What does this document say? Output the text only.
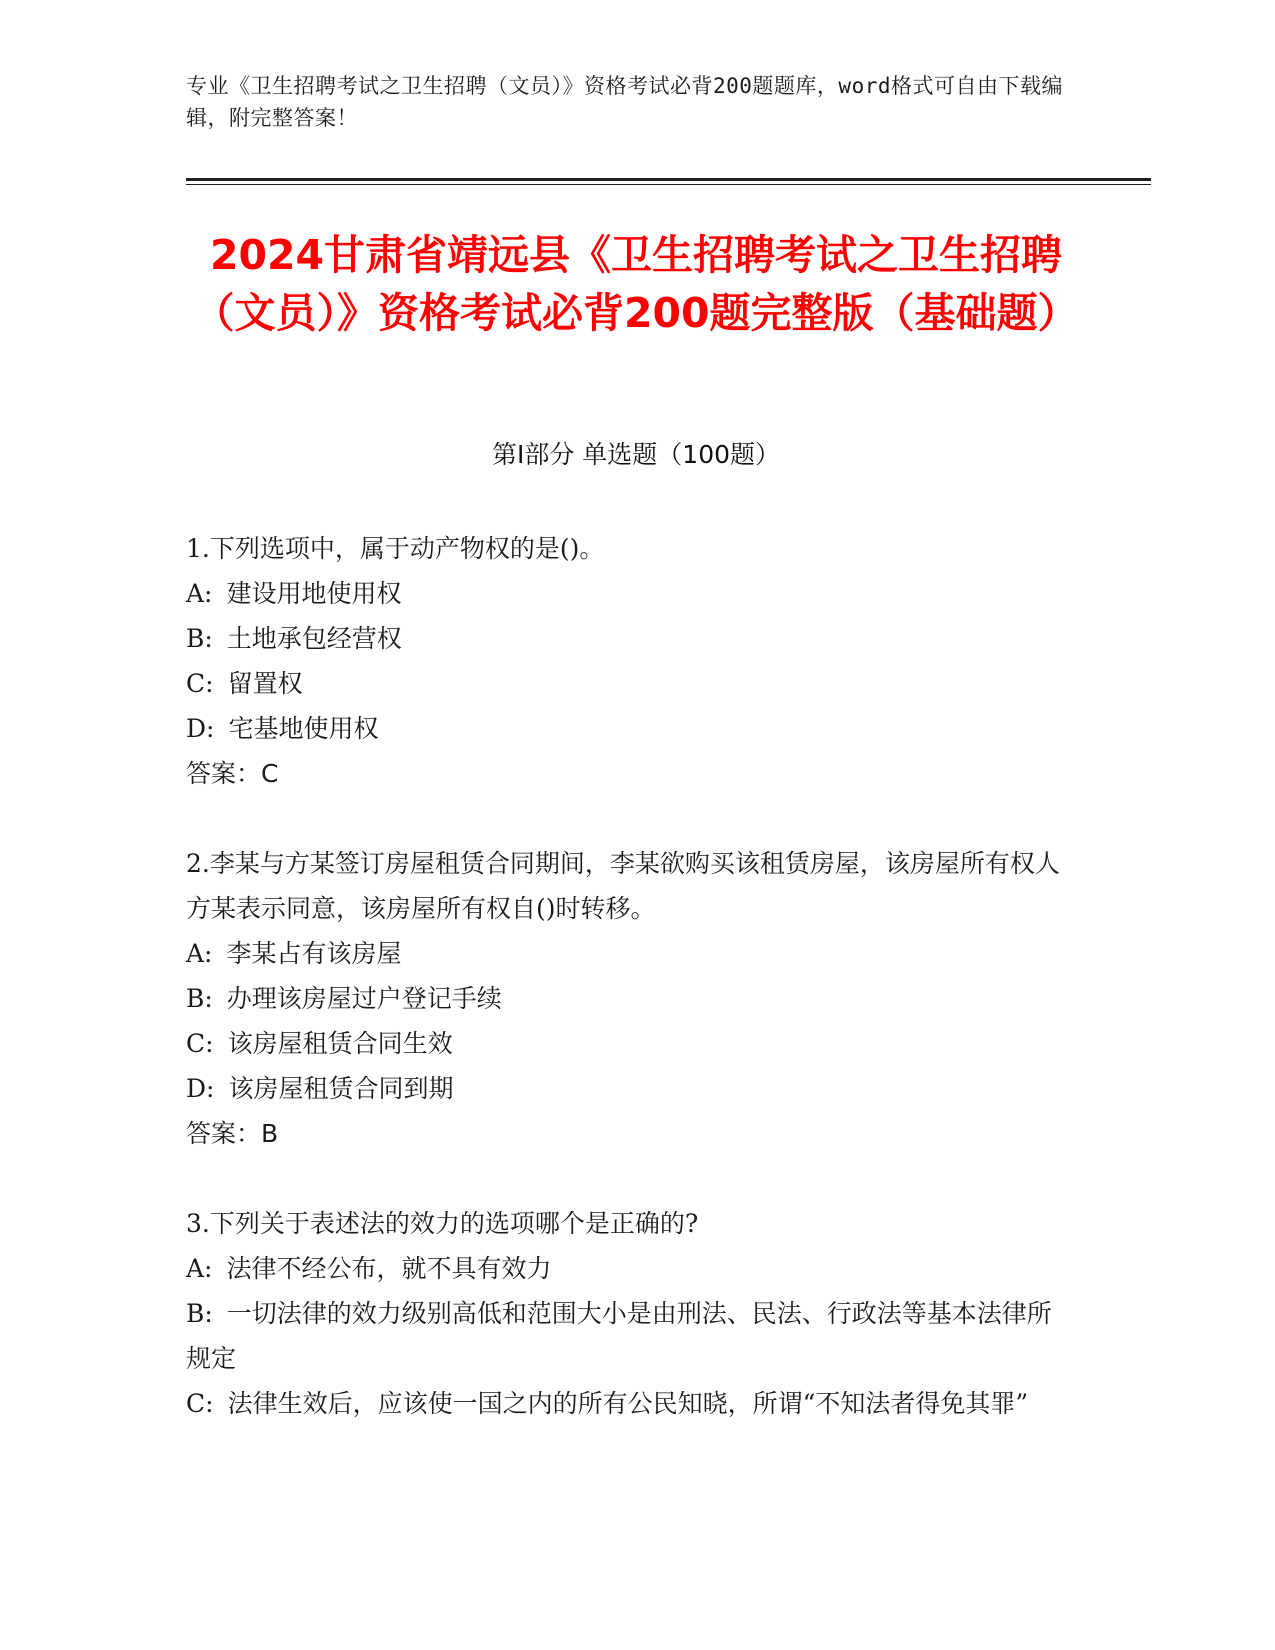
专业《卫生招聘考试之卫生招聘（文员）》资格考试必背200题题库，word格式可自由下载编辑，附完整答案！
2024甘肃省靖远县《卫生招聘考试之卫生招聘（文员）》资格考试必背200题完整版（基础题）
第I部分 单选题（100题）

1.下列选项中，属于动产物权的是()。

A: 建设用地使用权

B: 土地承包经营权

C: 留置权

D: 宅基地使用权

答案：C

2.李某与方某签订房屋租赁合同期间，李某欲购买该租赁房屋，该房屋所有权人方某表示同意，该房屋所有权自()时转移。

A: 李某占有该房屋

B: 办理该房屋过户登记手续

C: 该房屋租赁合同生效

D: 该房屋租赁合同到期

答案：B

3.下列关于表述法的效力的选项哪个是正确的?

A: 法律不经公布，就不具有效力

B: 一切法律的效力级别高低和范围大小是由刑法、民法、行政法等基本法律所规定

C: 法律生效后，应该使一国之内的所有公民知晓，所谓“不知法者得免其罪”
